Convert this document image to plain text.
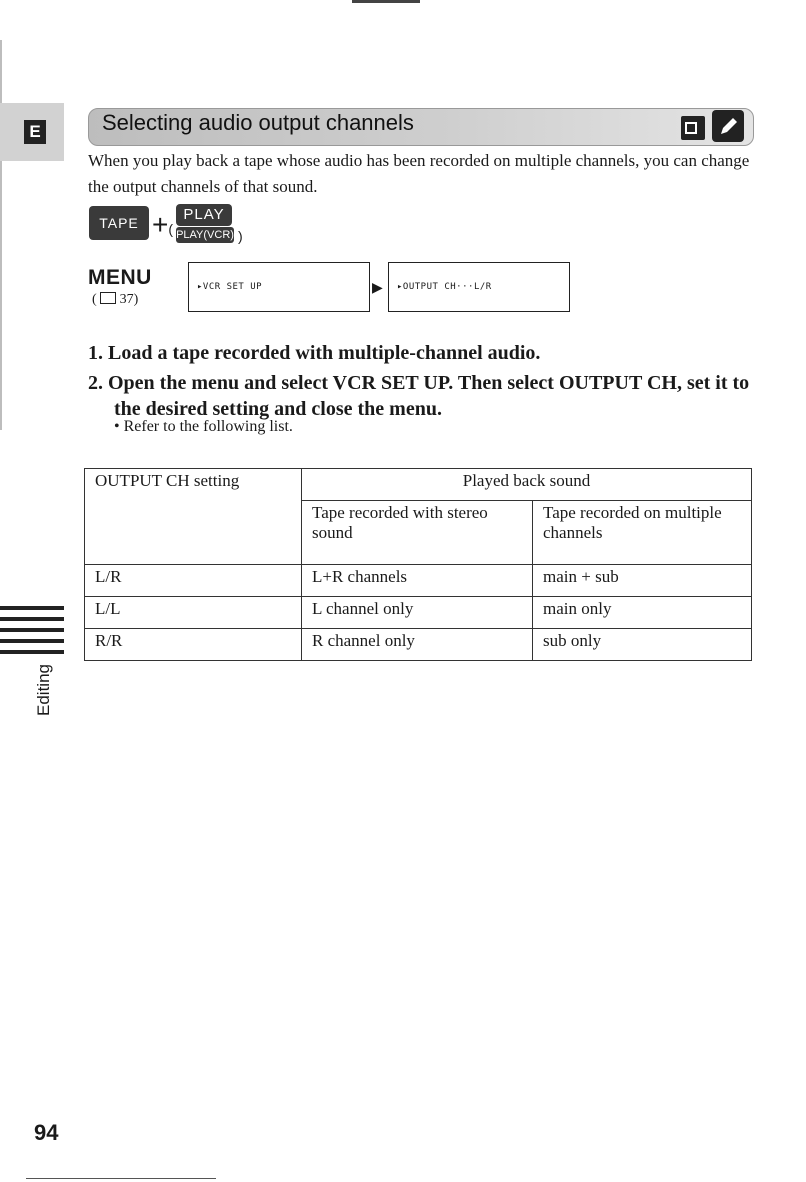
E	Selecting audio output channels
When you play back a tape whose audio has been recorded on multiple channels, you can change the output channels of that sound.
TAPE +(
PLAY
PLAY(VCR) )
MENU
( 37)
▸VCR SET UP	▶	▸OUTPUT CH···L/R
1. Load a tape recorded with multiple-channel audio.
2. Open the menu and select VCR SET UP. Then select OUTPUT CH, set it to the desired setting and close the menu.
• Refer to the following list.
OUTPUT CH setting	Played back sound	
	Tape recorded with stereo sound	Tape recorded on multiple channels
L/R	L+R channels	main + sub
L/L	L channel only	main only
R/R	R channel only	sub only
Editing
94
